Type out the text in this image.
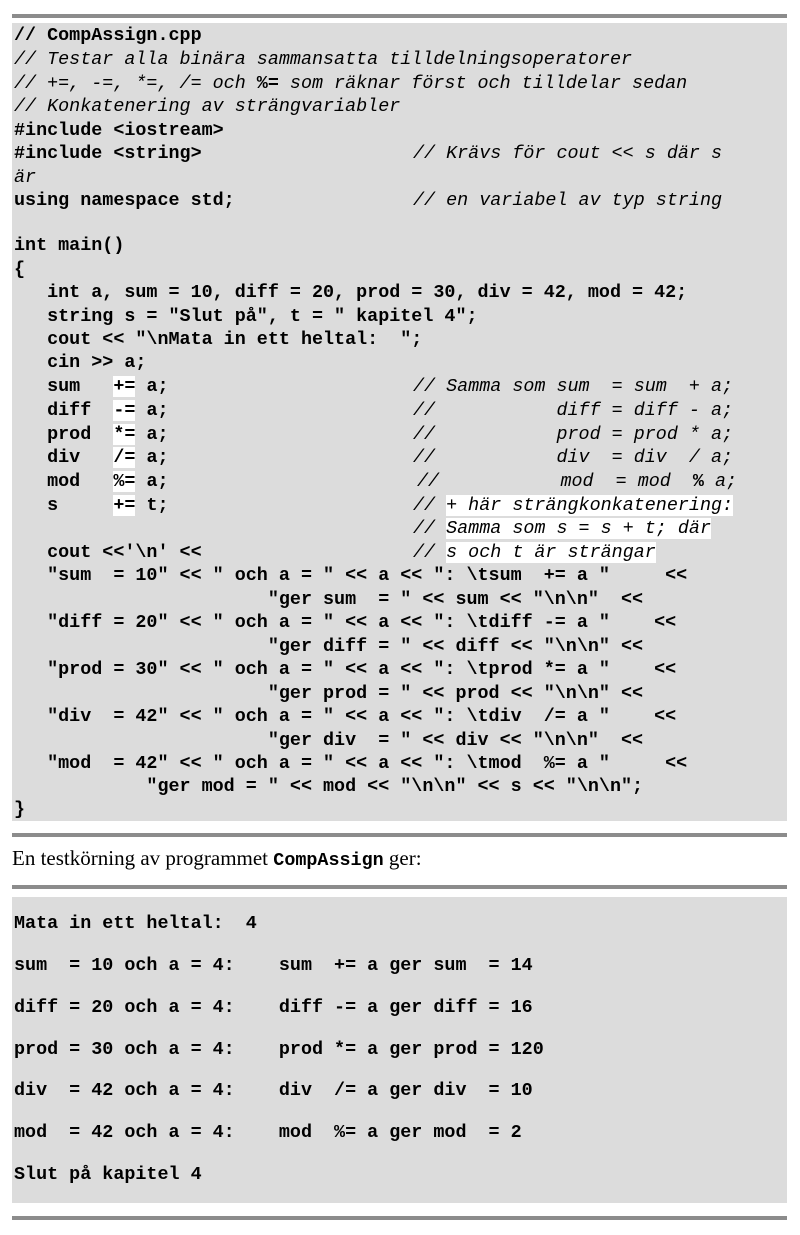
// CompAssign.cpp
// Testar alla binära sammansatta tilldelningsoperatorer
// +=, -=, *=, /= och %= som räknar först och tilldelar sedan
// Konkatenering av strängvariabler
#include <iostream>
#include <string>	// Krävs för cout << s där s
är
using namespace std;	// en variabel av typ string
int main()
{
int a, sum = 10, diff = 20, prod = 30, div = 42, mod = 42;
string s = "Slut på", t = " kapitel 4";
cout << "\nMata in ett heltal:  ";
cin >> a;
sum   += a;	// Samma som sum  = sum  + a;
diff  -= a;	//           diff = diff - a;
prod  *= a;	//           prod = prod * a;
div   /= a;	//           div  = div  / a;
mod   %= a;	//           mod  = mod  % a;
s     += t;	// + här strängkonkatenering:
// Samma som s = s + t; där
cout <<'\n' <<	// s och t är strängar
"sum  = 10" << " och a = " << a << ": \tsum  += a "     <<
"ger sum  = " << sum << "\n\n"  <<
"diff = 20" << " och a = " << a << ": \tdiff -= a "    <<
"ger diff = " << diff << "\n\n" <<
"prod = 30" << " och a = " << a << ": \tprod *= a "    <<
"ger prod = " << prod << "\n\n" <<
"div  = 42" << " och a = " << a << ": \tdiv  /= a "    <<
"ger div  = " << div << "\n\n"  <<
"mod  = 42" << " och a = " << a << ": \tmod  %= a "     <<
"ger mod = " << mod << "\n\n" << s << "\n\n";
}
En testkörning av programmet CompAssign ger:
Mata in ett heltal:  4
sum  = 10 och a = 4:    sum  += a ger sum  = 14
diff = 20 och a = 4:    diff -= a ger diff = 16
prod = 30 och a = 4:    prod *= a ger prod = 120
div  = 42 och a = 4:    div  /= a ger div  = 10
mod  = 42 och a = 4:    mod  %= a ger mod  = 2
Slut på kapitel 4
